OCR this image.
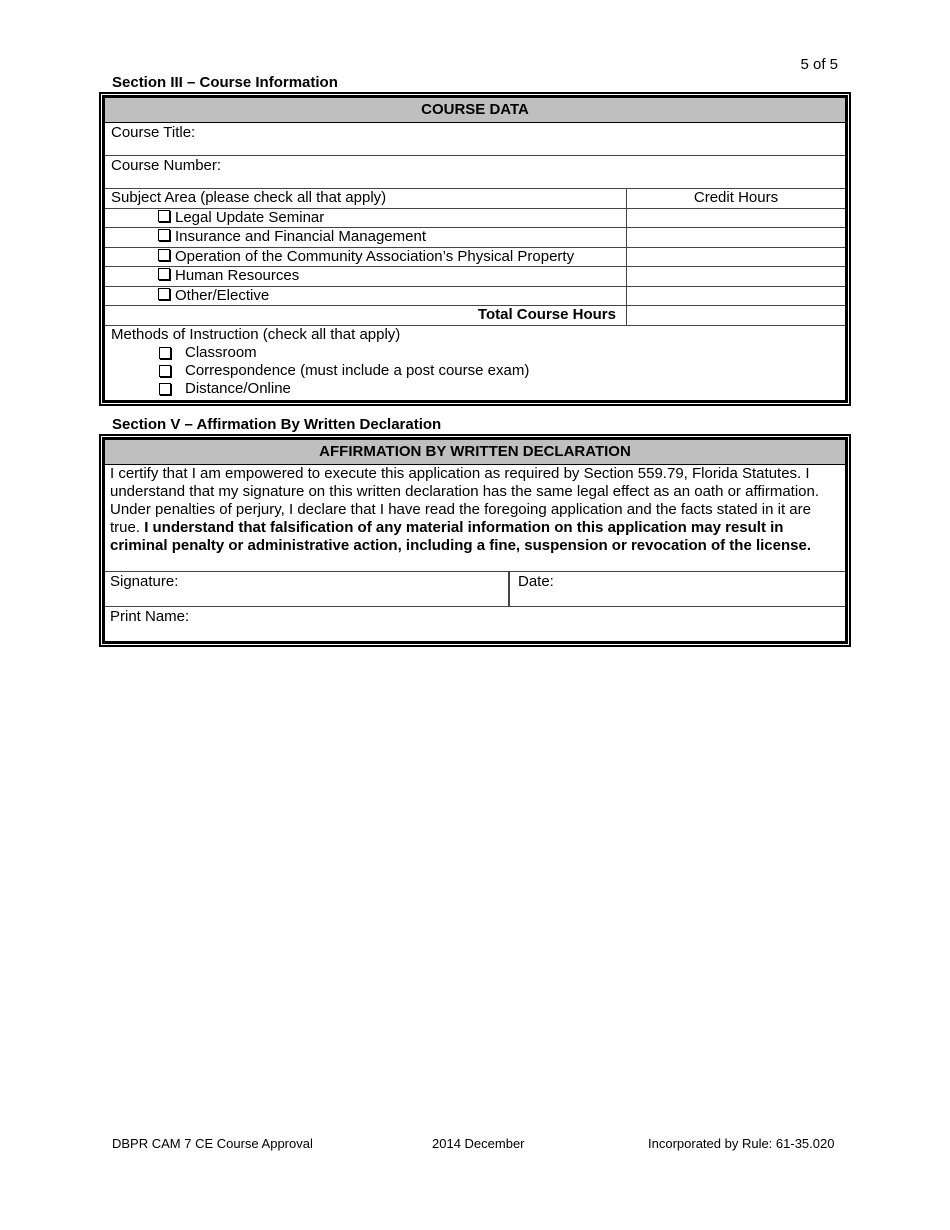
5 of 5
Section III – Course Information
COURSE DATA
Course Title:
Course Number:
Subject Area (please check all that apply)	Credit Hours
Legal Update Seminar
Insurance and Financial Management
Operation of the Community Association’s Physical Property
Human Resources
Other/Elective
Total Course Hours
Methods of Instruction (check all that apply)
Classroom
Correspondence (must include a post course exam)
Distance/Online
Section V – Affirmation By Written Declaration
AFFIRMATION BY WRITTEN DECLARATION
I certify that I am empowered to execute this application as required by Section 559.79, Florida Statutes. I understand that my signature on this written declaration has the same legal effect as an oath or affirmation. Under penalties of perjury, I declare that I have read the foregoing application and the facts stated in it are true. I understand that falsification of any material information on this application may result in criminal penalty or administrative action, including a fine, suspension or revocation of the license.
Signature:	Date:
Print Name:
DBPR CAM 7 CE Course Approval	2014 December	Incorporated by Rule: 61-35.020
